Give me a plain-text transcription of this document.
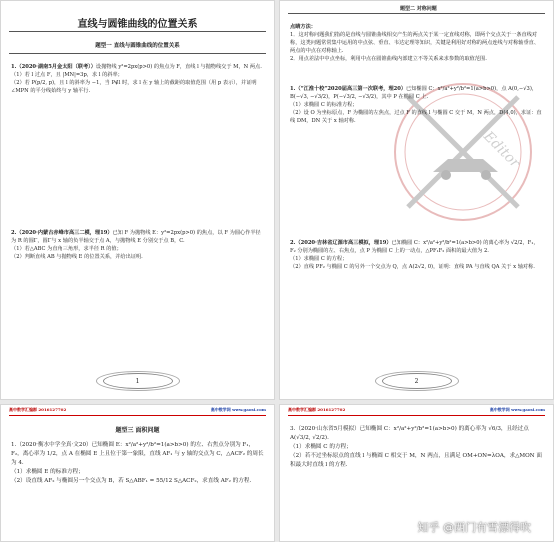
直线与圆锥曲线的位置关系
题型一 直线与圆锥曲线的位置关系
1.（2020·湖南5月金太阳（联考））设抛物线 y²=2px(p>0) 的焦点为 F，直线 l 与抛物线交于 M，N 两点.
（1）若 l 过点 F，且 |MN|=3p，求 l 的斜率；
（2）若 P(p/2, p)，且 l 的斜率为 −1，当 P∉l 时，求 l 在 y 轴上的截距的取值范围（用 p 表示），并证明 ∠MPN 的平分线始终与 y 轴平行.
2.（2020·内蒙古赤峰市高三二模，理19）已知 F 为抛物线 E：y²=2px(p>0) 的焦点，以 F 为圆心作半径为 R 的圆Γ，圆Γ与 x 轴的负半轴交于点 A，与抛物线 E 分别交于点 B，C.
（1）若△ABC 为直角三角形，求半径 R 的值；
（2）判断直线 AB 与抛物线 E 的位置关系，并给出证明.
1
题型二 对称问题
Editor
点睛方法：
1．这对称问题我们指的是直线与圆锥曲线相交产生的两点关于某一定直线对称，即两个交点关于一条直线对称，这类问题常常集中运用的中点弦、垂直、韦达定理等知识，关键是利用好对称的两点连线与对称轴垂直、两点的中点在对称轴上.
2．用点差法中中点坐标，利用中点在圆锥曲线内部建立不等关系来求参数的取值范围.
1.（“江淮十校”2020届高三第一次联考，理20）已知椭圆 C：x²/a²+y²/b²=1(a>b>0)，点 A(0,−√3)，B(−√3, −√3/2)，P(−√3/2, −√3/2)，其中 P 在椭圆 C 上.
（1）求椭圆 C 的标准方程；
（2）设 O 为坐标原点，F 为椭圆的左焦点，过点 F 的直线 l 与椭圆 C 交于 M，N 两点，D(4,0)，求证：直线 DM，DN 关于 x 轴对称.
2.（2020·吉林省辽源市高三模拟，理19）已知椭圆 C：x²/a²+y²/b²=1(a>b>0) 的离心率为 √2/2，F₁，F₂ 分别为椭圆的左、右焦点，点 P 为椭圆 C 上的一动点，△PF₁F₂ 面积的最大值为 2.
（1）求椭圆 C 的方程；
（2）直线 PF₂ 与椭圆 C 的另外一个交点为 Q，点 A(2√2, 0)，证明：直线 PA 与直线 QA 关于 x 轴对称.
2
高中数学汇编群 2016127702	高中数学网 www.gaosi.com
题型三 面积问题
1.（2020·衡水中学全真·文20）已知椭圆 E：x²/a²+y²/b²=1(a>b>0) 的左、右焦点分别为 F₁，F₂，离心率为 1/2，点 A 在椭圆 E 上且位于第一象限，直线 AF₁ 与 y 轴的交点为 C，△ACF₂ 的周长为 4.
（1）求椭圆 E 的标准方程；
（2）设直线 AF₂ 与椭圆另一个交点为 B，若 S△ABF₁ = 55/12 S△ACF₂，求直线 AF₂ 的方程.
高中数学汇编群 2016127702	高中数学网 www.gaosi.com
3.（2020·山东省5月模拟）已知椭圆 C：x²/a²+y²/b²=1(a>b>0) 的离心率为 √6/3，且经过点 A(√3/2, √2/2).
（1）求椭圆 C 的方程；
（2）若不过坐标原点的直线 l 与椭圆 C 相交于 M，N 两点，且满足 OM+ON=λOA，求△MON 面积最大时直线 l 的方程.
知乎 @西门有雪漂得吹
